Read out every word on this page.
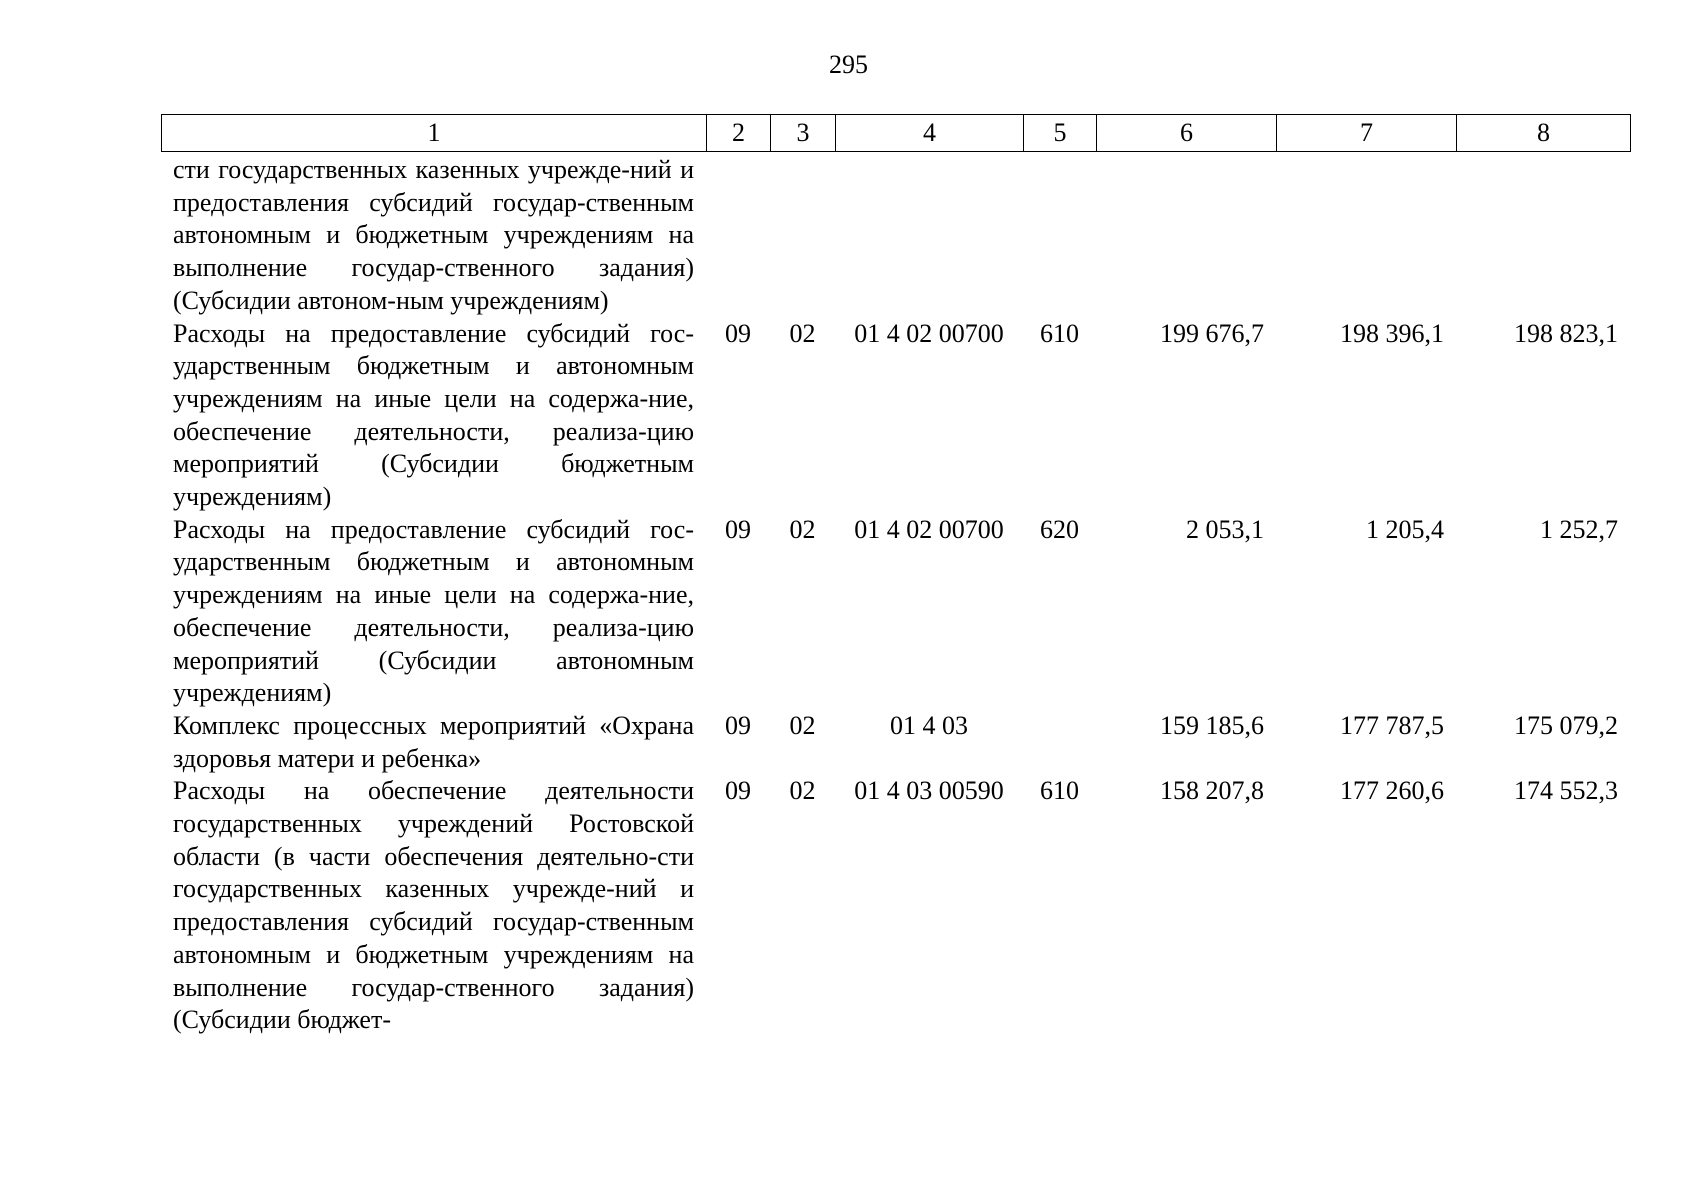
295
1	2	3	4	5	6	7	8
сти государственных казенных учрежде-ний и предоставления субсидий государ-ственным автономным и бюджетным учреждениям на выполнение государ-ственного задания) (Субсидии автоном-ным учреждениям)							
Расходы на предоставление субсидий гос-ударственным бюджетным и автономным учреждениям на иные цели на содержа-ние, обеспечение деятельности, реализа-цию мероприятий (Субсидии бюджетным учреждениям)	09	02	01 4 02 00700	610	199 676,7	198 396,1	198 823,1
Расходы на предоставление субсидий гос-ударственным бюджетным и автономным учреждениям на иные цели на содержа-ние, обеспечение деятельности, реализа-цию мероприятий (Субсидии автономным учреждениям)	09	02	01 4 02 00700	620	2 053,1	1 205,4	1 252,7
Комплекс процессных мероприятий «Охрана здоровья матери и ребенка»	09	02	01 4 03		159 185,6	177 787,5	175 079,2
Расходы на обеспечение деятельности государственных учреждений Ростовской области (в части обеспечения деятельно-сти государственных казенных учрежде-ний и предоставления субсидий государ-ственным автономным и бюджетным учреждениям на выполнение государ-ственного задания) (Субсидии бюджет-	09	02	01 4 03 00590	610	158 207,8	177 260,6	174 552,3
